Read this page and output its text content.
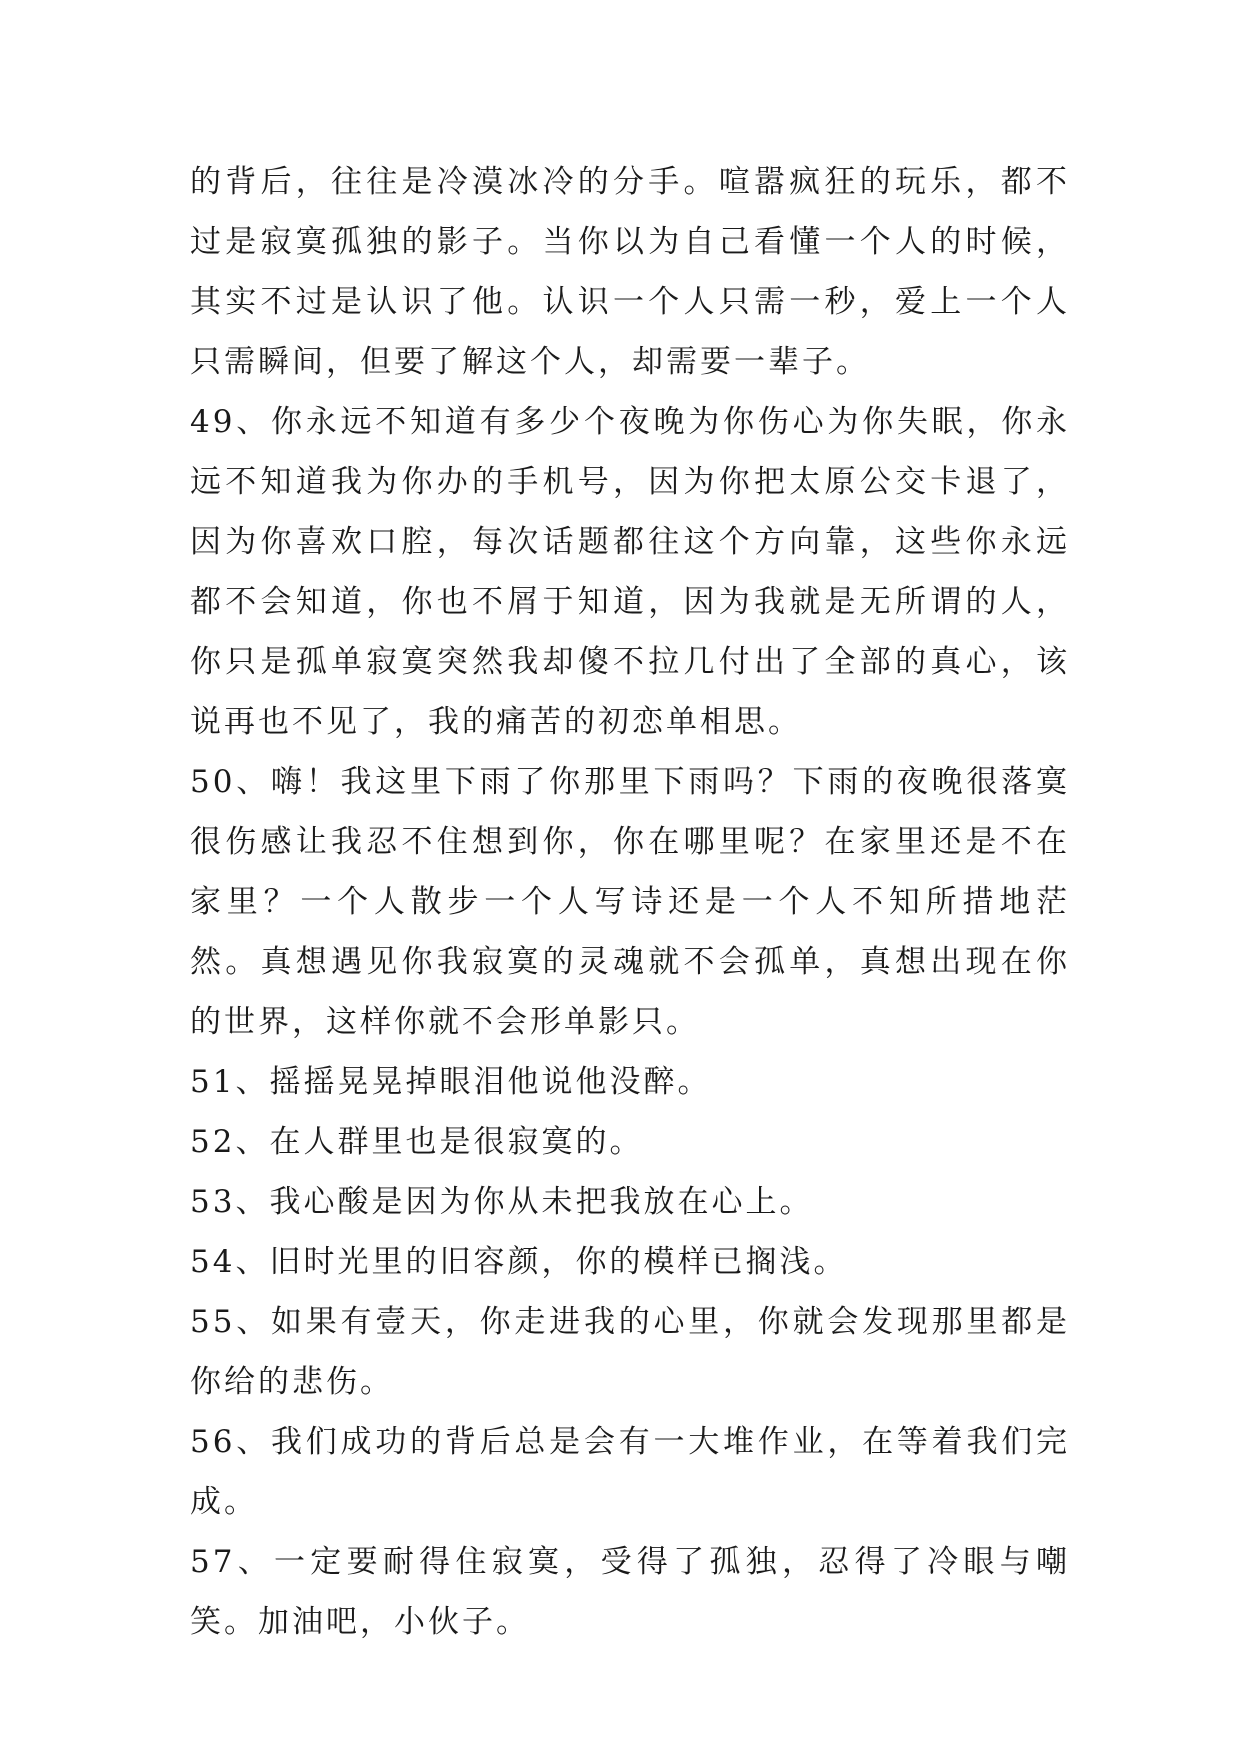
的背后，往往是冷漠冰冷的分手。喧嚣疯狂的玩乐，都不过是寂寞孤独的影子。当你以为自己看懂一个人的时候，其实不过是认识了他。认识一个人只需一秒，爱上一个人只需瞬间，但要了解这个人，却需要一辈子。

49、你永远不知道有多少个夜晚为你伤心为你失眠，你永远不知道我为你办的手机号，因为你把太原公交卡退了，因为你喜欢口腔，每次话题都往这个方向靠，这些你永远都不会知道，你也不屑于知道，因为我就是无所谓的人，你只是孤单寂寞突然我却傻不拉几付出了全部的真心，该说再也不见了，我的痛苦的初恋单相思。

50、嗨！我这里下雨了你那里下雨吗？下雨的夜晚很落寞很伤感让我忍不住想到你，你在哪里呢？在家里还是不在家里？一个人散步一个人写诗还是一个人不知所措地茫然。真想遇见你我寂寞的灵魂就不会孤单，真想出现在你的世界，这样你就不会形单影只。

51、摇摇晃晃掉眼泪他说他没醉。

52、在人群里也是很寂寞的。

53、我心酸是因为你从未把我放在心上。

54、旧时光里的旧容颜，你的模样已搁浅。

55、如果有壹天，你走进我的心里，你就会发现那里都是你给的悲伤。

56、我们成功的背后总是会有一大堆作业，在等着我们完成。

57、一定要耐得住寂寞，受得了孤独，忍得了冷眼与嘲笑。加油吧，小伙子。
